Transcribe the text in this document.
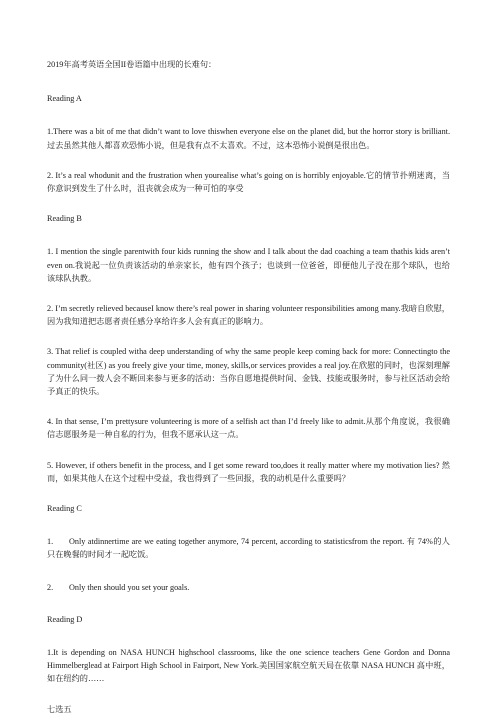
2019年高考英语全国II卷语篇中出现的长难句：

Reading A

1.There was a bit of me that didn’t want to love thiswhen everyone else on the planet did, but the horror story is brilliant.过去虽然其他人都喜欢恐怖小说，但是我有点不太喜欢。不过，这本恐怖小说倒是很出色。

2. It’s a real whodunit and the frustration when yourealise what’s going on is horribly enjoyable.它的情节扑朔迷离，当你意识到发生了什么时，沮丧就会成为一种可怕的享受

Reading B

1. I mention the single parentwith four kids running the show and I talk about the dad coaching a team thathis kids aren’t even on.我说起一位负责该活动的单亲家长，他有四个孩子；也谈到一位爸爸，即便他儿子没在那个球队，也给该球队执教。

2. I’m secretly relieved becauseI know there’s real power in sharing volunteer responsibilities among many.我暗自欣慰，因为我知道把志愿者责任感分享给许多人会有真正的影响力。

3. That relief is coupled witha deep understanding of why the same people keep coming back for more: Connectingto the community(社区) as you freely give your time, money, skills,or services provides a real joy.在欣慰的同时，也深刻理解了为什么同一拨人会不断回来参与更多的活动：当你自愿地提供时间、金钱、技能或服务时，参与社区活动会给予真正的快乐。

4. In that sense, I’m prettysure volunteering is more of a selfish act than I’d freely like to admit.从那个角度说，我很确信志愿服务是一种自私的行为，但我不愿承认这一点。

5. However, if others benefit in the process, and I get some reward too,does it really matter where my motivation lies? 然而，如果其他人在这个过程中受益，我也得到了一些回报，我的动机是什么重要吗？

Reading C

1. Only atdinnertime are we eating together anymore, 74 percent, according to statisticsfrom the report. 有 74%的人只在晚餐的时间才一起吃饭。

2. Only then should you set your goals.

Reading D

1.It is depending on NASA HUNCH highschool classrooms, like the one science teachers Gene Gordon and Donna Himmelberglead at Fairport High School in Fairport, New York.美国国家航空航天局在依靠 NASA HUNCH 高中班，如在纽约的……

七选五
